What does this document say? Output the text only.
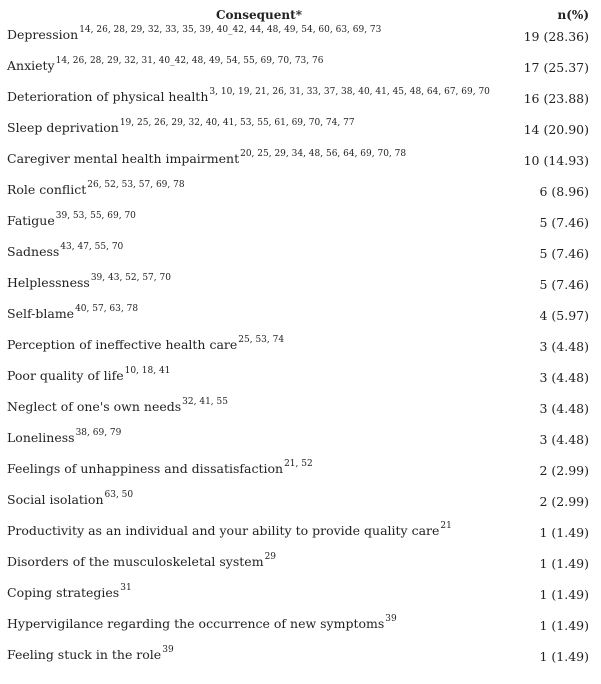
Consequent*	n(%)
Depression$^{14, 26, 28, 29, 32, 33, 35, 39, 40\_42, 44, 48, 49, 54, 60, 63, 69, 73}$	19 (28.36)
Anxiety$^{14, 26, 28, 29, 32, 31, 40\_42, 48, 49, 54, 55, 69, 70, 73, 76}$	17 (25.37)
Deterioration of physical health$^{3, 10, 19, 21, 26, 31, 33, 37, 38, 40, 41, 45, 48, 64, 67, 69, 70}$	16 (23.88)
Sleep deprivation$^{19, 25, 26, 29, 32, 40, 41, 53, 55, 61, 69, 70, 74, 77}$	14 (20.90)
Caregiver mental health impairment$^{20, 25, 29, 34, 48, 56, 64, 69, 70, 78}$	10 (14.93)
Role conflict$^{26, 52, 53, 57, 69, 78}$	6 (8.96)
Fatigue$^{39, 53, 55, 69, 70}$	5 (7.46)
Sadness$^{43, 47, 55, 70}$	5 (7.46)
Helplessness$^{39, 43, 52, 57, 70}$	5 (7.46)
Self-blame$^{40, 57, 63, 78}$	4 (5.97)
Perception of ineffective health care$^{25, 53, 74}$	3 (4.48)
Poor quality of life$^{10, 18, 41}$	3 (4.48)
Neglect of one's own needs$^{32, 41, 55}$	3 (4.48)
Loneliness$^{38, 69, 79}$	3 (4.48)
Feelings of unhappiness and dissatisfaction$^{21, 52}$	2 (2.99)
Social isolation$^{63, 50}$	2 (2.99)
Productivity as an individual and your ability to provide quality care$^{21}$	1 (1.49)
Disorders of the musculoskeletal system$^{29}$	1 (1.49)
Coping strategies$^{31}$	1 (1.49)
Hypervigilance regarding the occurrence of new symptoms$^{39}$	1 (1.49)
Feeling stuck in the role$^{39}$	1 (1.49)
